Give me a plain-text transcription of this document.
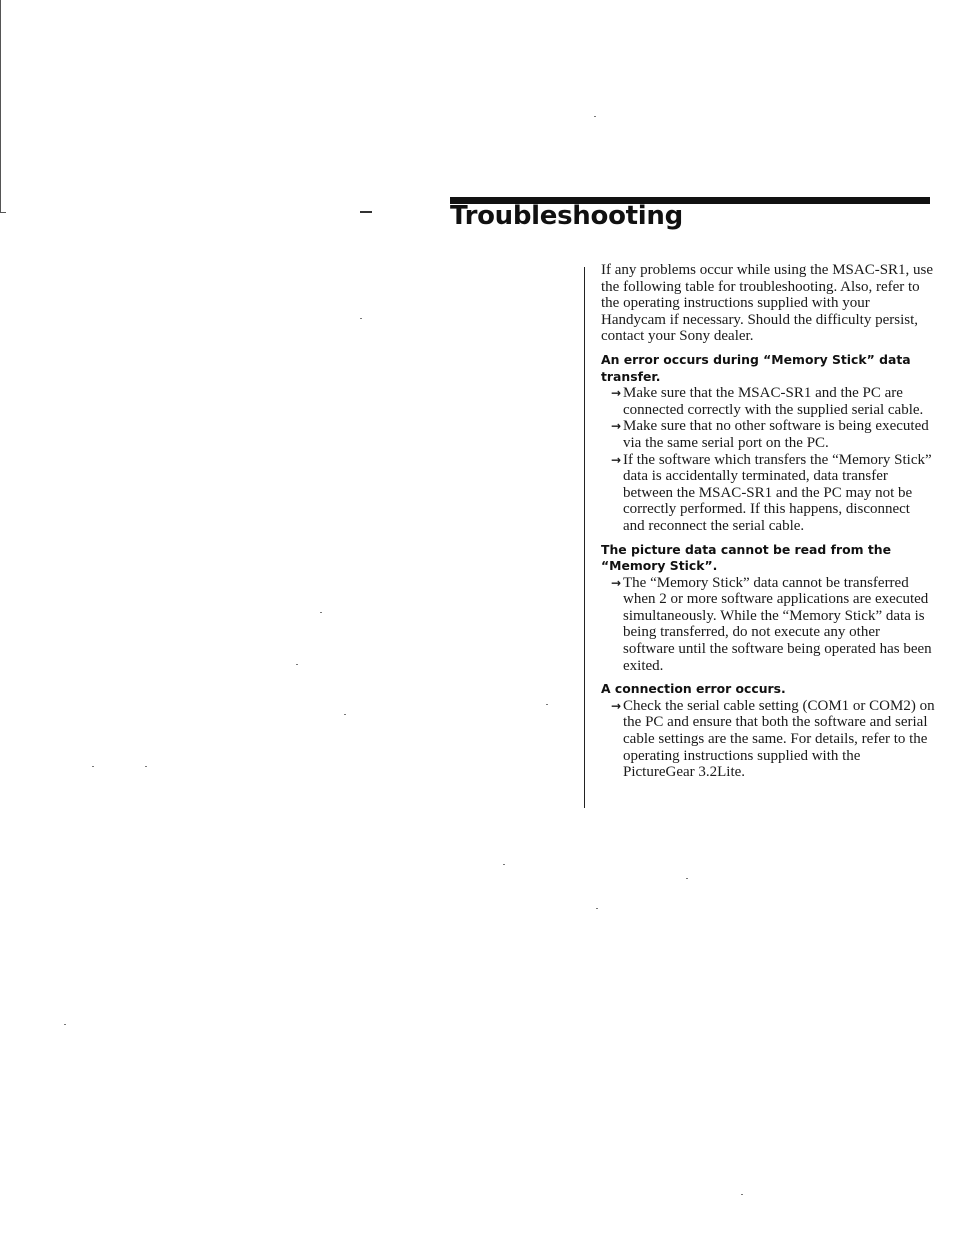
Troubleshooting

If any problems occur while using the MSAC-SR1, use the following table for troubleshooting. Also, refer to the operating instructions supplied with your Handycam if necessary. Should the difficulty persist, contact your Sony dealer.

An error occurs during “Memory Stick” data transfer.
→ Make sure that the MSAC-SR1 and the PC are connected correctly with the supplied serial cable.
→ Make sure that no other software is being executed via the same serial port on the PC.
→ If the software which transfers the “Memory Stick” data is accidentally terminated, data transfer between the MSAC-SR1 and the PC may not be correctly performed. If this happens, disconnect and reconnect the serial cable.
The picture data cannot be read from the “Memory Stick”.
→ The “Memory Stick” data cannot be transferred when 2 or more software applications are executed simultaneously. While the “Memory Stick” data is being transferred, do not execute any other software until the software being operated has been exited.
A connection error occurs.
→ Check the serial cable setting (COM1 or COM2) on the PC and ensure that both the software and serial cable settings are the same. For details, refer to the operating instructions supplied with the PictureGear 3.2Lite.
